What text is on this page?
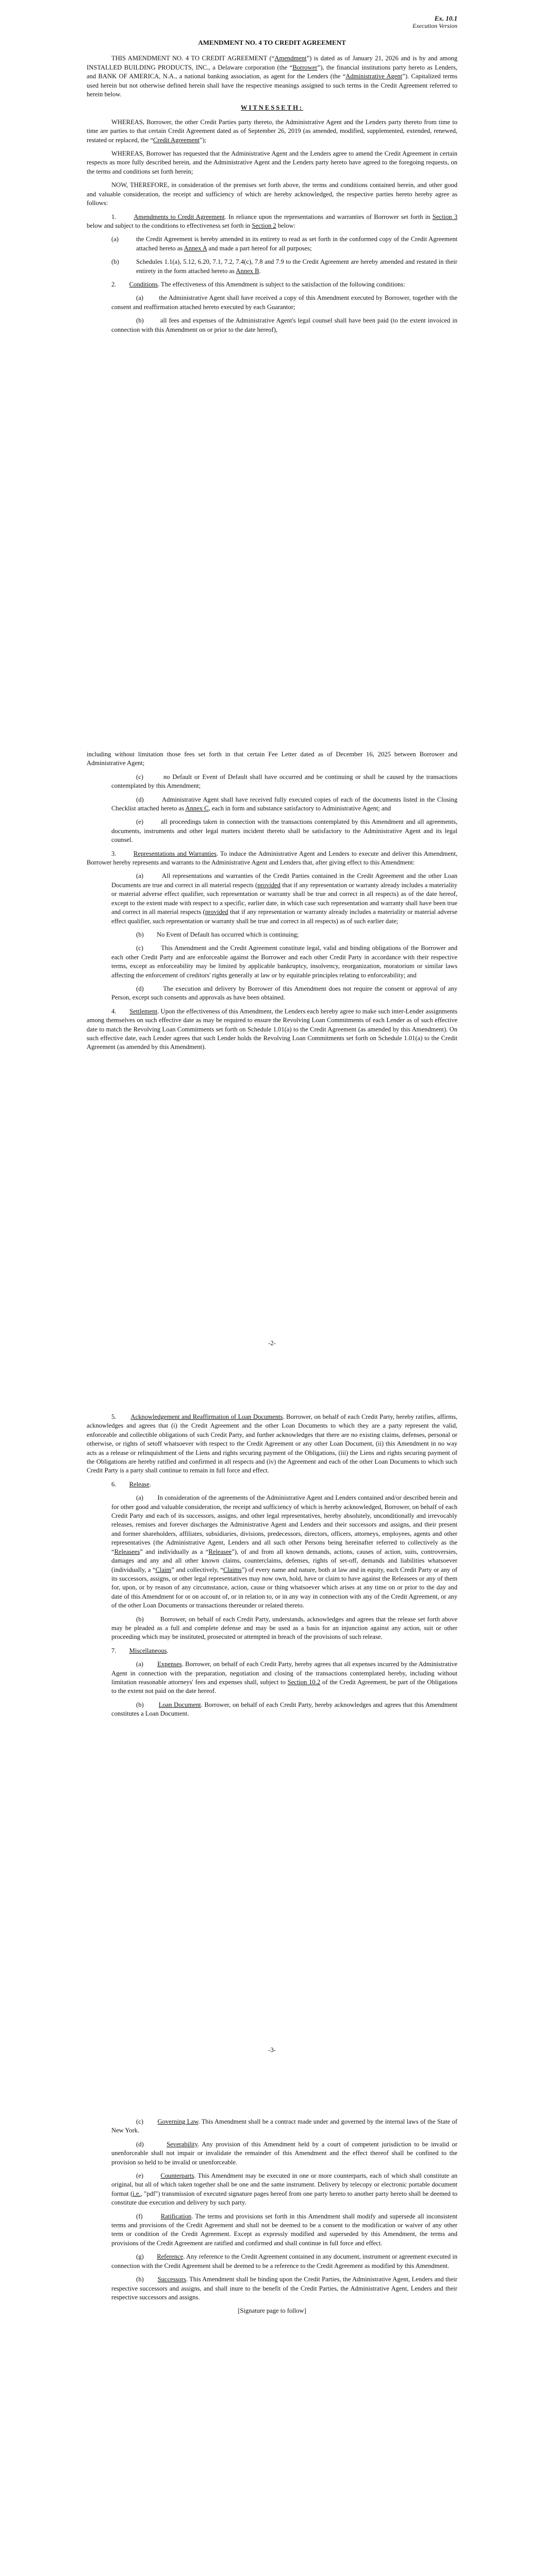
Ex. 10.1
Execution Version
AMENDMENT NO. 4 TO CREDIT AGREEMENT

THIS AMENDMENT NO. 4 TO CREDIT AGREEMENT (“Amendment”) is dated as of January 21, 2026 and is by and among INSTALLED BUILDING PRODUCTS, INC., a Delaware corporation (the “Borrower”), the financial institutions party hereto as Lenders, and BANK OF AMERICA, N.A., a national banking association, as agent for the Lenders (the “Administrative Agent”). Capitalized terms used herein but not otherwise defined herein shall have the respective meanings assigned to such terms in the Credit Agreement referred to herein below.

WITNESSETH:

WHEREAS, Borrower, the other Credit Parties party thereto, the Administrative Agent and the Lenders party thereto from time to time are parties to that certain Credit Agreement dated as of September 26, 2019 (as amended, modified, supplemented, extended, renewed, restated or replaced, the “Credit Agreement”);

WHEREAS, Borrower has requested that the Administrative Agent and the Lenders agree to amend the Credit Agreement in certain respects as more fully described herein, and the Administrative Agent and the Lenders party hereto have agreed to the foregoing requests, on the terms and conditions set forth herein;

NOW, THEREFORE, in consideration of the premises set forth above, the terms and conditions contained herein, and other good and valuable consideration, the receipt and sufficiency of which are hereby acknowledged, the respective parties hereto hereby agree as follows:

1.	Amendments to Credit Agreement. In reliance upon the representations and warranties of Borrower set forth in Section 3 below and subject to the conditions to effectiveness set forth in Section 2 below:

(a)	the Credit Agreement is hereby amended in its entirety to read as set forth in the conformed copy of the Credit Agreement attached hereto as Annex A and made a part hereof for all purposes;
(b)	Schedules 1.1(a), 5.12, 6.20, 7.1, 7.2, 7.4(c), 7.8 and 7.9 to the Credit Agreement are hereby amended and restated in their entirety in the form attached hereto as Annex B.

2. Conditions. The effectiveness of this Amendment is subject to the satisfaction of the following conditions:

(a)        the Administrative Agent shall have received a copy of this Amendment executed by Borrower, together with the consent and reaffirmation attached hereto executed by each Guarantor;

(b)        all fees and expenses of the Administrative Agent's legal counsel shall have been paid (to the extent invoiced in connection with this Amendment on or prior to the date hereof),

including without limitation those fees set forth in that certain Fee Letter dated as of December 16, 2025 between Borrower and Administrative Agent;

(c)        no Default or Event of Default shall have occurred and be continuing or shall be caused by the transactions contemplated by this Amendment;

(d)        Administrative Agent shall have received fully executed copies of each of the documents listed in the Closing Checklist attached hereto as Annex C, each in form and substance satisfactory to Administrative Agent; and

(e)        all proceedings taken in connection with the transactions contemplated by this Amendment and all agreements, documents, instruments and other legal matters incident thereto shall be satisfactory to the Administrative Agent and its legal counsel.

3.	Representations and Warranties. To induce the Administrative Agent and Lenders to execute and deliver this Amendment, Borrower hereby represents and warrants to the Administrative Agent and Lenders that, after giving effect to this Amendment:

(a)        All representations and warranties of the Credit Parties contained in the Credit Agreement and the other Loan Documents are true and correct in all material respects (provided that if any representation or warranty already includes a materiality or material adverse effect qualifier, such representation or warranty shall be true and correct in all respects) as of the date hereof, except to the extent made with respect to a specific, earlier date, in which case such representation and warranty shall have been true and correct in all material respects (provided that if any representation or warranty already includes a materiality or material adverse effect qualifier, such representation or warranty shall be true and correct in all respects) as of such earlier date;

(b)        No Event of Default has occurred which is continuing;

(c)        This Amendment and the Credit Agreement constitute legal, valid and binding obligations of the Borrower and each other Credit Party and are enforceable against the Borrower and each other Credit Party in accordance with their respective terms, except as enforceability may be limited by applicable bankruptcy, insolvency, reorganization, moratorium or similar laws affecting the enforcement of creditors' rights generally at law or by equitable principles relating to enforceability; and

(d)        The execution and delivery by Borrower of this Amendment does not require the consent or approval of any Person, except such consents and approvals as have been obtained.

4. Settlement. Upon the effectiveness of this Amendment, the Lenders each hereby agree to make such inter-Lender assignments among themselves on such effective date as may be required to ensure the Revolving Loan Commitments of each Lender as of such effective date to match the Revolving Loan Commitments set forth on Schedule 1.01(a) to the Credit Agreement (as amended by this Amendment). On such effective date, each Lender agrees that such Lender holds the Revolving Loan Commitments set forth on Schedule 1.01(a) to the Credit Agreement (as amended by this Amendment).

-2-

5. Acknowledgement and Reaffirmation of Loan Documents. Borrower, on behalf of each Credit Party, hereby ratifies, affirms, acknowledges and agrees that (i) the Credit Agreement and the other Loan Documents to which they are a party represent the valid, enforceable and collectible obligations of such Credit Party, and further acknowledges that there are no existing claims, defenses, personal or otherwise, or rights of setoff whatsoever with respect to the Credit Agreement or any other Loan Document, (ii) this Amendment in no way acts as a release or relinquishment of the Liens and rights securing payment of the Obligations, (iii) the Liens and rights securing payment of the Obligations are hereby ratified and confirmed in all respects and (iv) the Agreement and each of the other Loan Documents to which such Credit Party is a party shall continue to remain in full force and effect.

6. Release.

(a)        In consideration of the agreements of the Administrative Agent and Lenders contained and/or described herein and for other good and valuable consideration, the receipt and sufficiency of which is hereby acknowledged, Borrower, on behalf of each Credit Party and each of its successors, assigns, and other legal representatives, hereby absolutely, unconditionally and irrevocably releases, remises and forever discharges the Administrative Agent and Lenders and their successors and assigns, and their present and former shareholders, affiliates, subsidiaries, divisions, predecessors, directors, officers, attorneys, employees, agents and other representatives (the Administrative Agent, Lenders and all such other Persons being hereinafter referred to collectively as the “Releasees” and individually as a “Releasee”), of and from all known demands, actions, causes of action, suits, controversies, damages and any and all other known claims, counterclaims, defenses, rights of set-off, demands and liabilities whatsoever (individually, a “Claim” and collectively, “Claims”) of every name and nature, both at law and in equity, each Credit Party or any of its successors, assigns, or other legal representatives may now own, hold, have or claim to have against the Releasees or any of them for, upon, or by reason of any circumstance, action, cause or thing whatsoever which arises at any time on or prior to the day and date of this Amendment for or on account of, or in relation to, or in any way in connection with any of the Credit Agreement, or any of the other Loan Documents or transactions thereunder or related thereto.

(b)        Borrower, on behalf of each Credit Party, understands, acknowledges and agrees that the release set forth above may be pleaded as a full and complete defense and may be used as a basis for an injunction against any action, suit or other proceeding which may be instituted, prosecuted or attempted in breach of the provisions of such release.

7. Miscellaneous.

(a)        Expenses. Borrower, on behalf of each Credit Party, hereby agrees that all expenses incurred by the Administrative Agent in connection with the preparation, negotiation and closing of the transactions contemplated hereby, including without limitation reasonable attorneys' fees and expenses shall, subject to Section 10.2 of the Credit Agreement, be part of the Obligations to the extent not paid on the date hereof.

(b)        Loan Document. Borrower, on behalf of each Credit Party, hereby acknowledges and agrees that this Amendment constitutes a Loan Document.

-3-

(c)        Governing Law. This Amendment shall be a contract made under and governed by the internal laws of the State of New York.

(d)        Severability. Any provision of this Amendment held by a court of competent jurisdiction to be invalid or unenforceable shall not impair or invalidate the remainder of this Amendment and the effect thereof shall be confined to the provision so held to be invalid or unenforceable.

(e)        Counterparts. This Amendment may be executed in one or more counterparts, each of which shall constitute an original, but all of which taken together shall be one and the same instrument. Delivery by telecopy or electronic portable document format (i.e., "pdf") transmission of executed signature pages hereof from one party hereto to another party hereto shall be deemed to constitute due execution and delivery by such party.

(f)        Ratification. The terms and provisions set forth in this Amendment shall modify and supersede all inconsistent terms and provisions of the Credit Agreement and shall not be deemed to be a consent to the modification or waiver of any other term or condition of the Credit Agreement. Except as expressly modified and superseded by this Amendment, the terms and provisions of the Credit Agreement are ratified and confirmed and shall continue in full force and effect.

(g)        Reference. Any reference to the Credit Agreement contained in any document, instrument or agreement executed in connection with the Credit Agreement shall be deemed to be a reference to the Credit Agreement as modified by this Amendment.

(h)        Successors. This Amendment shall be binding upon the Credit Parties, the Administrative Agent, Lenders and their respective successors and assigns, and shall inure to the benefit of the Credit Parties, the Administrative Agent, Lenders and their respective successors and assigns.

[Signature page to follow]
